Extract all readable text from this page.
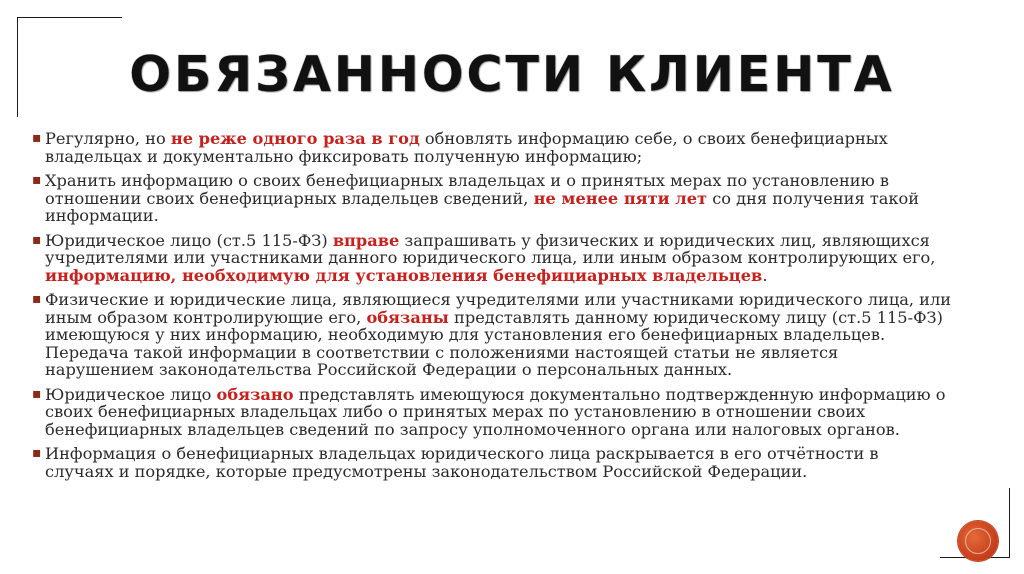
ОБЯЗАННОСТИ КЛИЕНТА
▪ Регулярно, но не реже одного раза в год обновлять информацию себе, о своих бенефициарных владельцах и документально фиксировать полученную информацию;
▪ Хранить информацию о своих бенефициарных владельцах и о принятых мерах по установлению в отношении своих бенефициарных владельцев сведений, не менее пяти лет со дня получения такой информации.
▪ Юридическое лицо (ст.5 115-ФЗ) вправе запрашивать у физических и юридических лиц, являющихся учредителями или участниками данного юридического лица, или иным образом контролирующих его, информацию, необходимую для установления бенефициарных владельцев.
▪ Физические и юридические лица, являющиеся учредителями или участниками юридического лица, или иным образом контролирующие его, обязаны представлять данному юридическому лицу (ст.5 115-ФЗ) имеющуюся у них информацию, необходимую для установления его бенефициарных владельцев. Передача такой информации в соответствии с положениями настоящей статьи не является нарушением законодательства Российской Федерации о персональных данных.
▪ Юридическое лицо обязано представлять имеющуюся документально подтвержденную информацию о своих бенефициарных владельцах либо о принятых мерах по установлению в отношении своих бенефициарных владельцев сведений по запросу уполномоченного органа или налоговых органов.
▪ Информация о бенефициарных владельцах юридического лица раскрывается в его отчётности в случаях и порядке, которые предусмотрены законодательством Российской Федерации.
